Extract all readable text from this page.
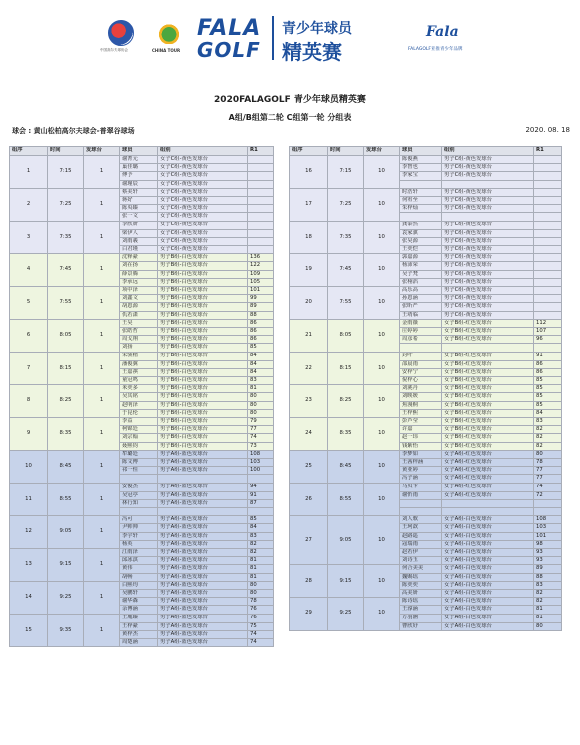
中国高尔夫球协会	CHINA TOUR
FALA
GOLF
青少年球员
精英赛
Fala
FALAGOLF亚推青少年品牌
2020FALAGOLF 青少年球员精英赛
A组/B组第二轮 C组第一轮 分组表
球会 : 黄山松柏高尔夫球会-普翠谷球场	2020. 08. 18
组序	时间	发球台	球员	组别	R1
1	7:15	1	谢菁元	女子C组-黄色发球台	
			巢佳璐	女子C组-黄色发球台	
			傅予	女子C组-黄色发球台	
			谢瑾辰	女子C组-黄色发球台	
2	7:25	1	蔡美轩	女子C组-黄色发球台	
			蒋好	女子C组-黄色发球台	
			陈央臻	女子C组-黄色发球台	
			张一文	女子C组-黄色发球台	
3	7:35	1	李欣妍	女子C组-黄色发球台	
			梁伊人	女子C组-黄色发球台	
			刘雨羲	女子C组-黄色发球台	
			白君瑾	女子C组-黄色发球台	
4	7:45	1	沈释豪	男子B组-白色发球台	136
			刘在扬	男子B组-白色发球台	122
			薛景腾	男子B组-白色发球台	109
			李承远	男子B组-白色发球台	105
5	7:55	1	项中泽	男子B组-白色发球台	101
			刘鑫文	男子B组-白色发球台	99
			胡恩源	男子B组-白色发球台	89
			仇若潇	男子B组-白色发球台	88
6	8:05	1	王昊	男子B组-白色发球台	86
			张皓哲	男子B组-白色发球台	86
			周戈翔	男子B组-白色发球台	86
			刘扬	男子B组-白色发球台	85
7	8:15	1	朱骏楷	男子B组-白色发球台	84
			潘俊翼	男子B组-白色发球台	84
			王嘉祺	男子B组-白色发球台	84
			童冠鸣	男子B组-白色发球台	83
8	8:25	1	米奕多	男子B组-白色发球台	81
			吴其铭	男子B组-白色发球台	80
			赵明泽	男子B组-白色发球台	80
			于昆伦	男子B组-白色发球台	80
9	8:35	1	李益	男子B组-白色发球台	79
			柯锦廷	男子B组-白色发球台	77
			刘宗翰	男子B组-白色发球台	74
			聂熙钧	男子B组-白色发球台	73
10	8:45	1	牟璐廷	男子A组-蓝色发球台	108
			陈文博	男子A组-蓝色发球台	103
			祁一恒	男子A组-蓝色发球台	100

11	8:55	1	安俊杰	男子A组-蓝色发球台	94
			吴冠亭	男子A组-蓝色发球台	91
			林行知	男子A组-蓝色发球台	87

12	9:05	1	冯可	男子A组-蓝色发球台	85
			尹帅帅	男子A组-蓝色发球台	84
			李宇轩	男子A组-蓝色发球台	83
			杨英	男子A组-蓝色发球台	82
13	9:15	1	江雨泽	男子A组-蓝色发球台	82
			邱冰淇	男子A组-蓝色发球台	81
			黄伟	男子A组-蓝色发球台	81
			胡畅	男子A组-蓝色发球台	81
14	9:25	1	白熙均	男子A组-蓝色发球台	80
			吴鹏轩	男子A组-蓝色发球台	80
			谢华森	男子A组-蓝色发球台	78
			余博涵	男子A组-蓝色发球台	76
15	9:35	1	王胤臻	男子A组-蓝色发球台	76
			王梓豪	男子A组-蓝色发球台	75
			黄梓杰	男子A组-蓝色发球台	74
			周楚涵	男子A组-蓝色发球台	74
组序	时间	发球台	球员	组别	R1
16	7:15	10	陈俊燕	男子C组-黄色发球台	
			李智也	男子C组-黄色发球台	
			李家宝	男子C组-黄色发球台	

17	7:25	10	时浩轩	男子C组-黄色发球台	
			何宥至	男子C组-黄色发球台	
			朱梓灿	男子C组-黄色发球台	

18	7:35	10	龚泰然	男子C组-黄色发球台	
			袁家骐	男子C组-黄色发球台	
			张昊源	男子C组-黄色发球台	
			王奕恺	男子C组-黄色发球台	
19	7:45	10	郭嘉源	男子C组-黄色发球台	
			杨沛荣	男子C组-黄色发球台	
			吴子梵	男子C组-黄色发球台	
			张栩滔	男子C组-黄色发球台	
20	7:55	10	高乐高	男子C组-黄色发球台	
			孙恩涵	男子C组-黄色发球台	
			张昕严	男子C组-黄色发球台	
			王靖临	男子C组-黄色发球台	
21	8:05	10	金雨薇	女子B组-红色发球台	112
			庄婷婷	女子B组-红色发球台	107
			周彦希	女子B组-红色发球台	96

22	8:15	10	封叶	女子B组-红色发球台	91
			邵晨雨	女子B组-红色发球台	86
			安梓宁	女子B组-红色发球台	86
			倪梓心	女子B组-红色发球台	85
23	8:25	10	刘洮丹	女子B组-红色发球台	85
			刘映媛	女子B组-红色发球台	85
			焦漫桐	女子B组-红色发球台	85
			王梓熙	女子B组-红色发球台	84
24	8:35	10	彭芦莹	女子B组-红色发球台	83
			许嘉	女子B组-红色发球台	82
			赵一玮	女子B组-红色发球台	82
			钱紫怡	女子B组-红色发球台	82
25	8:45	10	李梦如	女子A组-红色发球台	80
			王茜梓涵	女子A组-红色发球台	78
			黄亚婷	女子A组-红色发球台	77
			冯子涵	女子A组-红色发球台	77
26	8:55	10	马贝卡	女子A组-红色发球台	74
			谢忻雨	女子A组-红色发球台	72

27	9:05	10	刘人歌	女子A组-白色发球台	108
			王珂歆	女子A组-白色发球台	103
			赵路遥	女子A组-白色发球台	101
			寇瑞雨	女子A组-白色发球台	98
			赵若伊	女子A组-白色发球台	93
			刘诗玉	女子A组-白色发球台	93
28	9:15	10	何合美美	女子A组-白色发球台	89
			魏赐瑶	女子A组-白色发球台	88
			陈奕奕	女子A组-白色发球台	83
			高美妍	女子A组-白色发球台	82
29	9:25	10	陈诗瑶	女子A组-白色发球台	82
			王淳涵	女子A组-白色发球台	81
			方羽涵	女子A组-白色发球台	81
			曹欣妤	女子A组-白色发球台	80
